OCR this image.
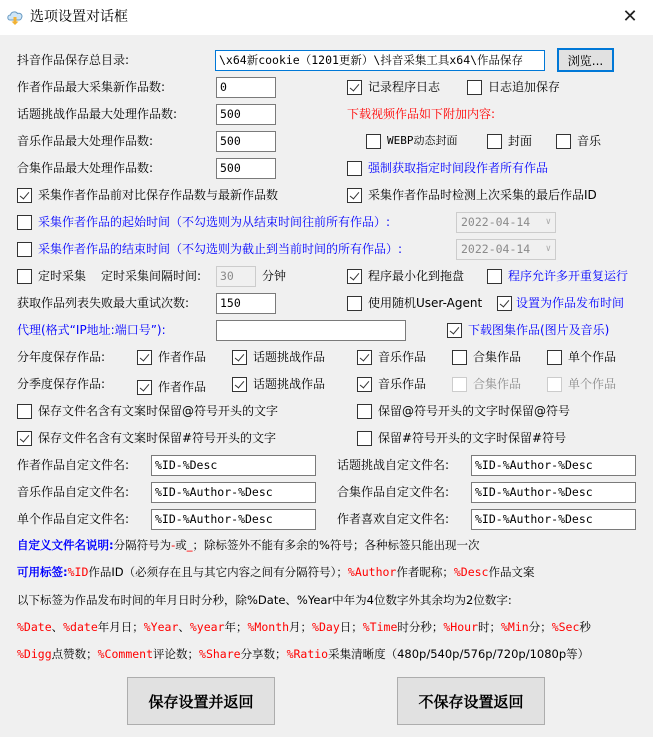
选项设置对话框	✕
抖音作品保存总目录:	\x64新cookie（1201更新）\抖音采集工具x64\作品保存	浏览...
作者作品最大采集新作品数:	0
话题挑战作品最大处理作品数:	500
音乐作品最大处理作品数:	500
合集作品最大处理作品数:	500
记录程序日志	日志追加保存
下载视频作品如下附加内容:
WEBP动态封面	封面	音乐
强制获取指定时间段作者所有作品
采集作者作品前对比保存作品数与最新作品数	采集作者作品时检测上次采集的最后作品ID
采集作者作品的起始时间（不勾选则为从结束时间往前所有作品）:	2022-04-14 ∨
采集作者作品的结束时间（不勾选则为截止到当前时间的所有作品）:	2022-04-14 ∨
定时采集 定时采集间隔时间:	30	分钟	程序最小化到拖盘	程序允许多开重复运行
获取作品列表失败最大重试次数:	150	使用随机User-Agent	设置为作品发布时间
代理(格式“IP地址:端口号”):	下载图集作品(图片及音乐)
分年度保存作品:	作者作品	话题挑战作品	音乐作品	合集作品	单个作品
分季度保存作品:	作者作品	话题挑战作品	音乐作品	合集作品	单个作品
保存文件名含有文案时保留@符号开头的文字	保留@符号开头的文字时保留@符号
保存文件名含有文案时保留#符号开头的文字	保留#符号开头的文字时保留#符号
作者作品自定文件名:	%ID-%Desc	话题挑战自定文件名:	%ID-%Author-%Desc
音乐作品自定文件名:	%ID-%Author-%Desc	合集作品自定文件名:	%ID-%Author-%Desc
单个作品自定文件名:	%ID-%Author-%Desc	作者喜欢自定文件名:	%ID-%Author-%Desc
自定义文件名说明:分隔符号为-或_；除标签外不能有多余的%符号；各种标签只能出现一次
可用标签:%ID作品ID（必须存在且与其它内容之间有分隔符号）；%Author作者昵称；%Desc作品文案
以下标签为作品发布时间的年月日时分秒，除%Date、%Year中年为4位数字外其余均为2位数字:
%Date、%date年月日；%Year、%year年；%Month月；%Day日；%Time时分秒；%Hour时；%Min分；%Sec秒
%Digg点赞数；%Comment评论数；%Share分享数；%Ratio采集清晰度（480p/540p/576p/720p/1080p等）
保存设置并返回	不保存设置返回
